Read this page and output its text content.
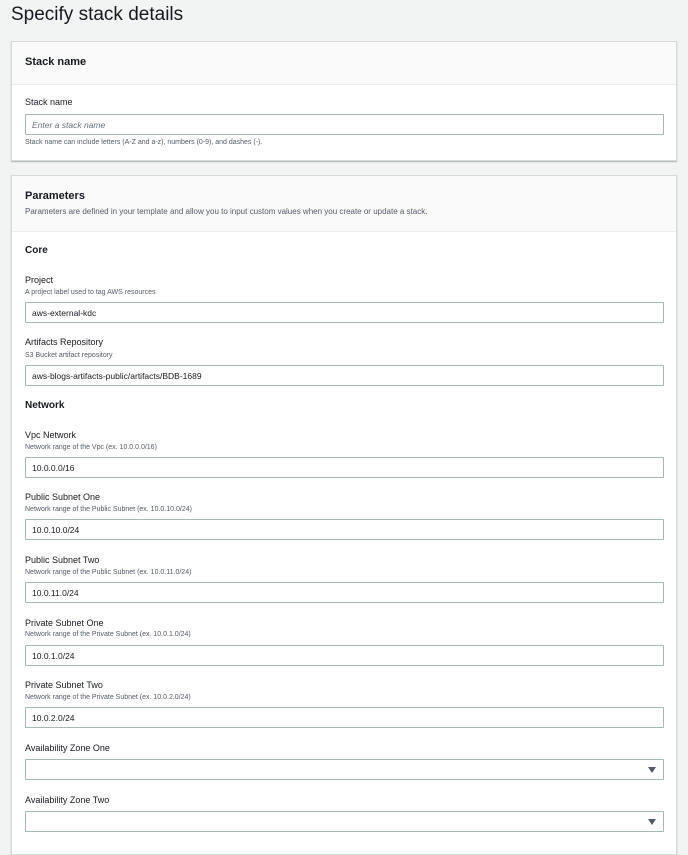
Specify stack details
Stack name
Stack name
Enter a stack name
Stack name can include letters (A-Z and a-z), numbers (0-9), and dashes (-).
Parameters
Parameters are defined in your template and allow you to input custom values when you create or update a stack.
Core
Project
A project label used to tag AWS resources
aws-external-kdc
Artifacts Repository
S3 Bucket artifact repository
aws-blogs-artifacts-public/artifacts/BDB-1689
Network
Vpc Network
Network range of the Vpc (ex. 10.0.0.0/16)
10.0.0.0/16
Public Subnet One
Network range of the Public Subnet (ex. 10.0.10.0/24)
10.0.10.0/24
Public Subnet Two
Network range of the Public Subnet (ex. 10.0.11.0/24)
10.0.11.0/24
Private Subnet One
Network range of the Private Subnet (ex. 10.0.1.0/24)
10.0.1.0/24
Private Subnet Two
Network range of the Private Subnet (ex. 10.0.2.0/24)
10.0.2.0/24
Availability Zone One
Availability Zone Two
